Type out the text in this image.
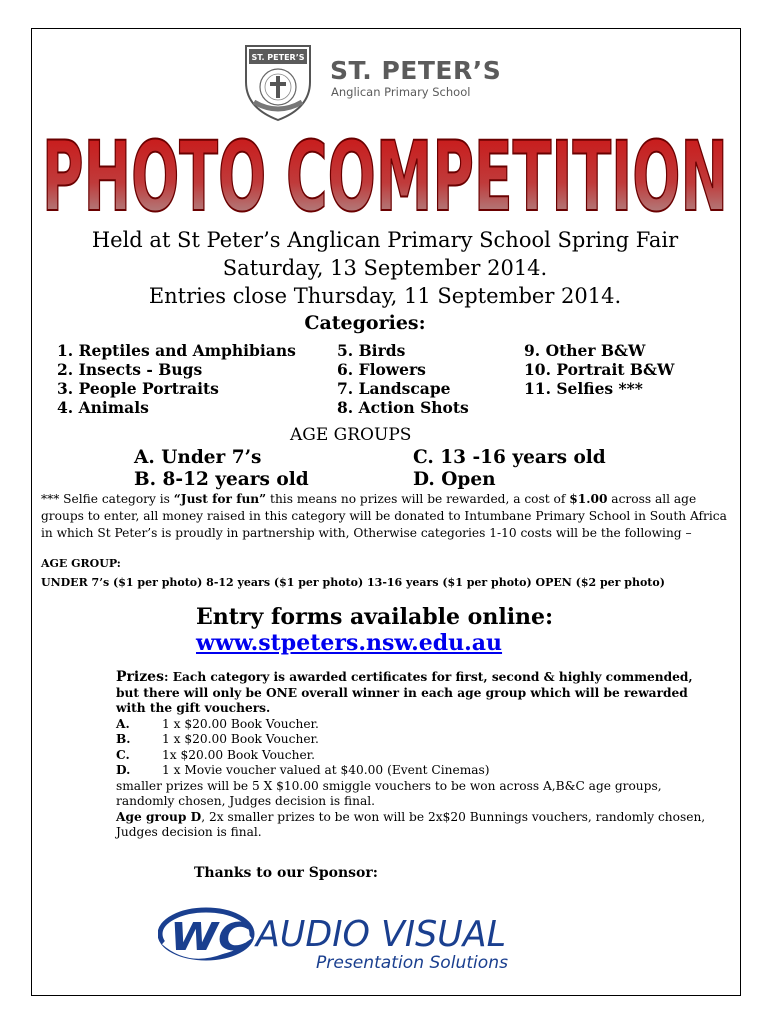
ST. PETER’S ST. PETER’S
Anglican Primary School
PHOTO COMPETITION
Held at St Peter’s Anglican Primary School Spring Fair
Saturday, 13 September 2014.
Entries close Thursday, 11 September 2014.
Categories:
1. Reptiles and Amphibians
2. Insects - Bugs
3. People Portraits
4. Animals
5. Birds
6. Flowers
7. Landscape
8. Action Shots
9. Other B&W
10. Portrait B&W
11. Selfies ***
AGE GROUPS
A. Under 7’s
B. 8-12 years old
C. 13 -16 years old
D. Open
*** Selfie category is “Just for fun” this means no prizes will be rewarded, a cost of $1.00 across all age groups to enter, all money raised in this category will be donated to Intumbane Primary School in South Africa in which St Peter’s is proudly in partnership with, Otherwise categories 1-10 costs will be the following –
AGE GROUP:
UNDER 7’s ($1 per photo) 8-12 years ($1 per photo) 13-16 years ($1 per photo) OPEN ($2 per photo)
Entry forms available online:
www.stpeters.nsw.edu.au
Prizes: Each category is awarded certificates for first, second & highly commended, but there will only be ONE overall winner in each age group which will be rewarded with the gift vouchers.
A.	1 x $20.00 Book Voucher.
B.	1 x $20.00 Book Voucher.
C.	1x $20.00 Book Voucher.
D.	1 x Movie voucher valued at $40.00 (Event Cinemas)
smaller prizes will be 5 X $10.00 smiggle vouchers to be won across A,B&C age groups, randomly chosen, Judges decision is final.
Age group D, 2x smaller prizes to be won will be 2x$20 Bunnings vouchers, randomly chosen, Judges decision is final.
Thanks to our Sponsor:
WC AUDIO VISUAL
Presentation Solutions
